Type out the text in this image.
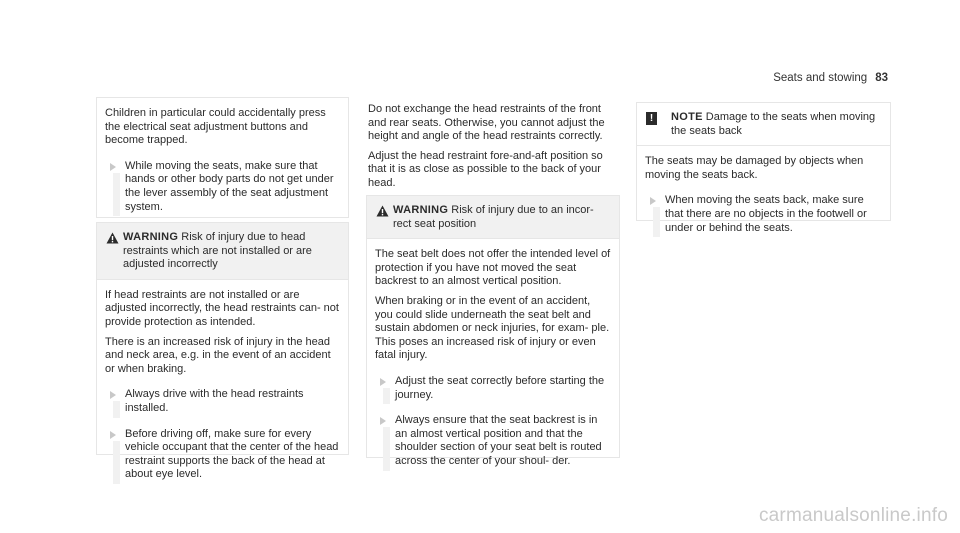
Seats and stowing 83

Children in particular could accidentally press the electrical seat adjustment buttons and become trapped.

While moving the seats, make sure that hands or other body parts do not get under the lever assembly of the seat adjustment system.
WARNING Risk of injury due to head restraints which are not installed or are adjusted incorrectly

If head restraints are not installed or are adjusted incorrectly, the head restraints can- not provide protection as intended.

There is an increased risk of injury in the head and neck area, e.g. in the event of an accident or when braking.

Always drive with the head restraints installed.
Before driving off, make sure for every vehicle occupant that the center of the head restraint supports the back of the head at about eye level.

Do not exchange the head restraints of the front and rear seats. Otherwise, you cannot adjust the height and angle of the head restraints correctly.

Adjust the head restraint fore-and-aft position so that it is as close as possible to the back of your head.

WARNING Risk of injury due to an incor- rect seat position

The seat belt does not offer the intended level of protection if you have not moved the seat backrest to an almost vertical position.

When braking or in the event of an accident, you could slide underneath the seat belt and sustain abdomen or neck injuries, for exam- ple. This poses an increased risk of injury or even fatal injury.

Adjust the seat correctly before starting the journey.
Always ensure that the seat backrest is in an almost vertical position and that the shoulder section of your seat belt is routed across the center of your shoul- der.
!	NOTE Damage to the seats when moving the seats back

The seats may be damaged by objects when moving the seats back.

When moving the seats back, make sure that there are no objects in the footwell or under or behind the seats.
carmanualsonline.info
